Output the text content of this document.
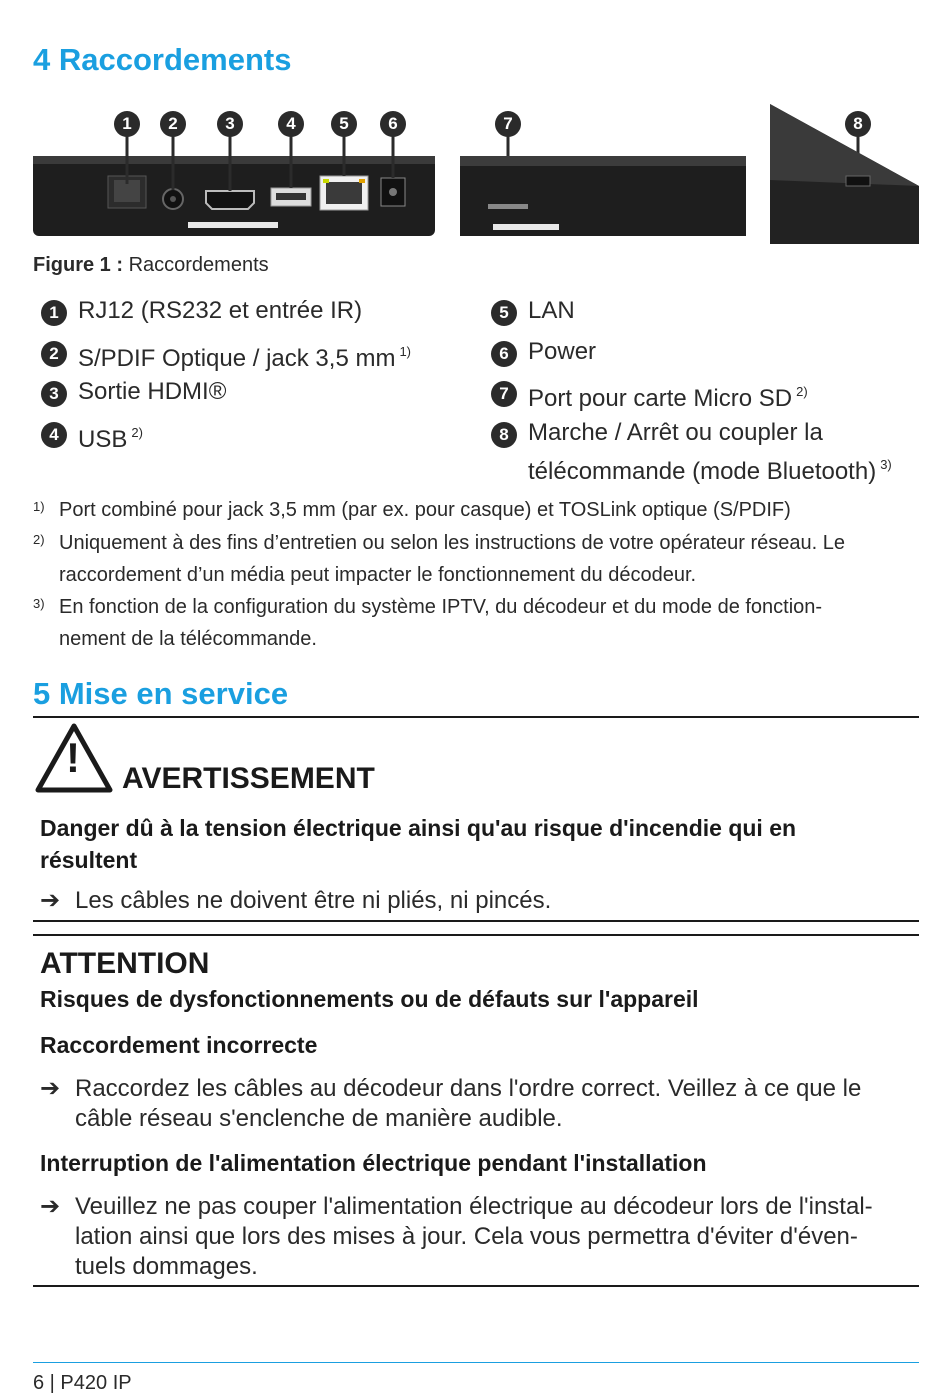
4 Raccordements
1	2	3	4	5	6	7	8
Figure 1 : Raccordements
1 RJ12 (RS232 et entrée IR)
2 S/PDIF Optique / jack 3,5 mm $^{1)}$
3 Sortie HDMI®
4 USB $^{2)}$
5 LAN
6 Power
7 Port pour carte Micro SD $^{2)}$
8 Marche / Arrêt ou coupler la
télécommande (mode Bluetooth) $^{3)}$
1) Port combiné pour jack 3,5 mm (par ex. pour casque) et TOSLink optique (S/PDIF)
2) Uniquement à des fins d’entretien ou selon les instructions de votre opérateur réseau. Le
raccordement d’un média peut impacter le fonctionnement du décodeur.
3) En fonction de la configuration du système IPTV, du décodeur et du mode de fonction-
nement de la télécommande.
5 Mise en service
! AVERTISSEMENT
Danger dû à la tension électrique ainsi qu'au risque d'incendie qui en
résultent
➔ Les câbles ne doivent être ni pliés, ni pincés.
ATTENTION
Risques de dysfonctionnements ou de défauts sur l'appareil
Raccordement incorrecte
➔ Raccordez les câbles au décodeur dans l'ordre correct. Veillez à ce que le
câble réseau s'enclenche de manière audible.
Interruption de l'alimentation électrique pendant l'installation
➔ Veuillez ne pas couper l'alimentation électrique au décodeur lors de l'instal-
lation ainsi que lors des mises à jour. Cela vous permettra d'éviter d'éven-
tuels dommages.
6 | P420 IP
